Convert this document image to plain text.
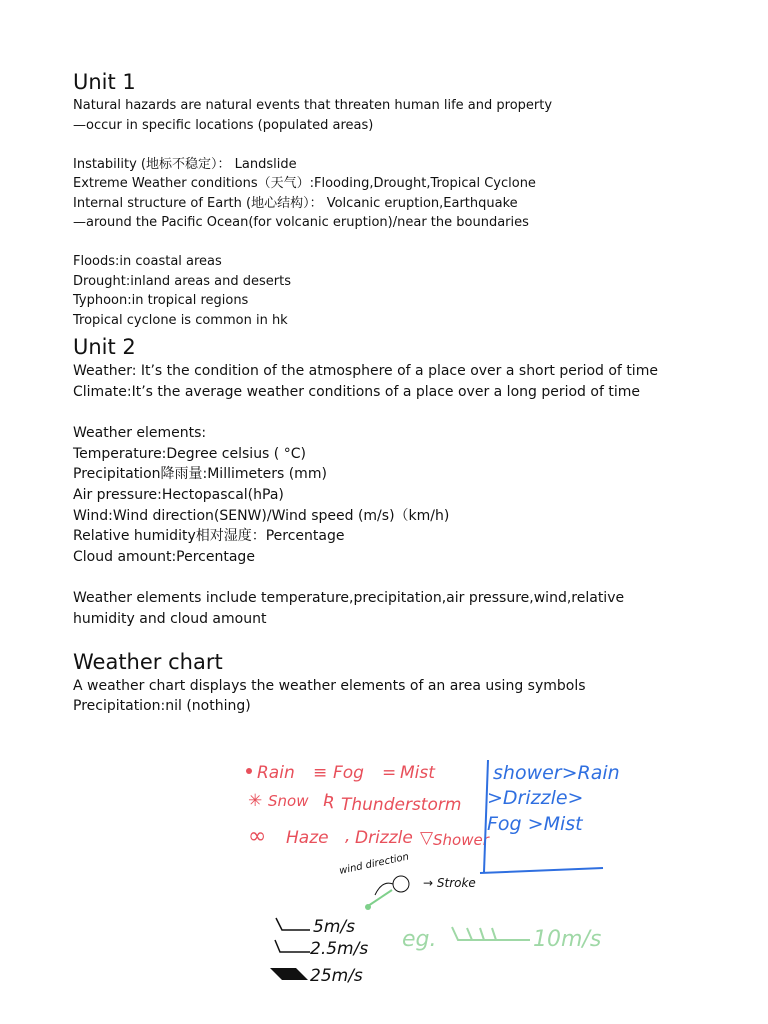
Unit 1

Natural hazards are natural events that threaten human life and property

—occur in specific locations (populated areas)

Instability (地标不稳定）： Landslide

Extreme Weather conditions（天气）:Flooding,Drought,Tropical Cyclone

Internal structure of Earth (地心结构）： Volcanic eruption,Earthquake

—around the Pacific Ocean(for volcanic eruption)/near the boundaries

Floods:in coastal areas

Drought:inland areas and deserts

Typhoon:in tropical regions

Tropical cyclone is common in hk

Unit 2

Weather: It’s the condition of the atmosphere of a place over a short period of time

Climate:It’s the average weather conditions of a place over a long period of time

Weather elements:

Temperature:Degree celsius ( °C)

Precipitation降雨量:Millimeters (mm)

Air pressure:Hectopascal(hPa)

Wind:Wind direction(SENW)/Wind speed (m/s)（km/h)

Relative humidity相对湿度：Percentage

Cloud amount:Percentage

Weather elements include temperature,precipitation,air pressure,wind,relative

humidity and cloud amount

Weather chart

A weather chart displays the weather elements of an area using symbols

Precipitation:nil (nothing)

Rain ≡ Fog = Mist
✳ Snow Ʀ Thunderstorm
∞ Haze ‚ Drizzle ▽ Shower
shower>Rain
>Drizzle>
Fog >Mist
wind direction
→ Stroke
5m/s
2.5m/s
25m/s
eg.	10m/s
